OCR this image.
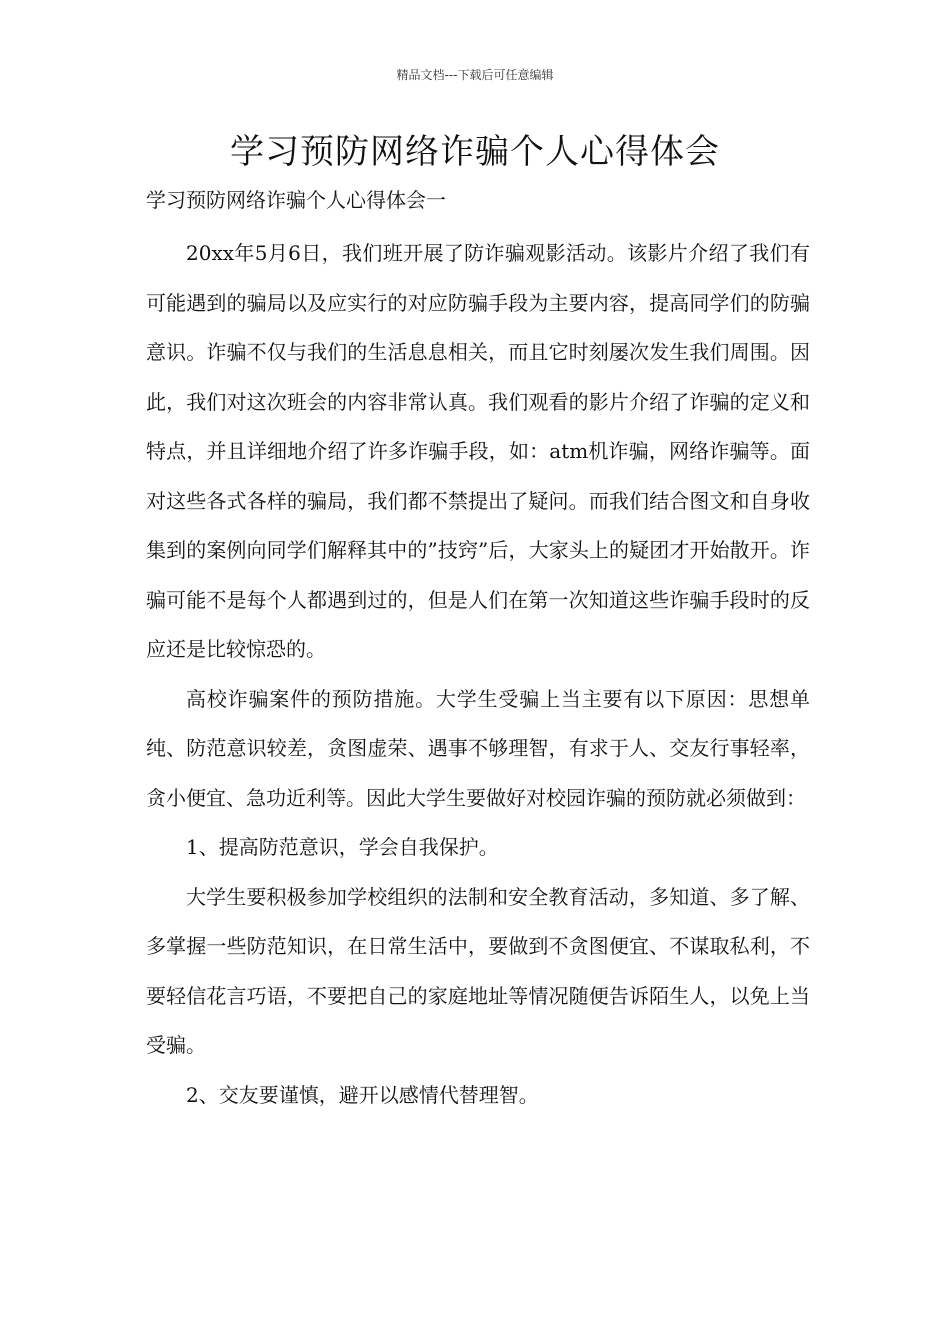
精品文档---下载后可任意编辑
学习预防网络诈骗个人心得体会

学习预防网络诈骗个人心得体会一

20xx年5月6日，我们班开展了防诈骗观影活动。该影片介绍了我们有可能遇到的骗局以及应实行的对应防骗手段为主要内容，提高同学们的防骗意识。诈骗不仅与我们的生活息息相关，而且它时刻屡次发生我们周围。因此，我们对这次班会的内容非常认真。我们观看的影片介绍了诈骗的定义和特点，并且详细地介绍了许多诈骗手段，如：atm机诈骗，网络诈骗等。面对这些各式各样的骗局，我们都不禁提出了疑问。而我们结合图文和自身收集到的案例向同学们解释其中的”技窍”后，大家头上的疑团才开始散开。诈骗可能不是每个人都遇到过的，但是人们在第一次知道这些诈骗手段时的反应还是比较惊恐的。

高校诈骗案件的预防措施。大学生受骗上当主要有以下原因：思想单纯、防范意识较差，贪图虚荣、遇事不够理智，有求于人、交友行事轻率，贪小便宜、急功近利等。因此大学生要做好对校园诈骗的预防就必须做到：

1、提高防范意识，学会自我保护。

大学生要积极参加学校组织的法制和安全教育活动，多知道、多了解、多掌握一些防范知识，在日常生活中，要做到不贪图便宜、不谋取私利，不要轻信花言巧语，不要把自己的家庭地址等情况随便告诉陌生人，以免上当受骗。

2、交友要谨慎，避开以感情代替理智。
